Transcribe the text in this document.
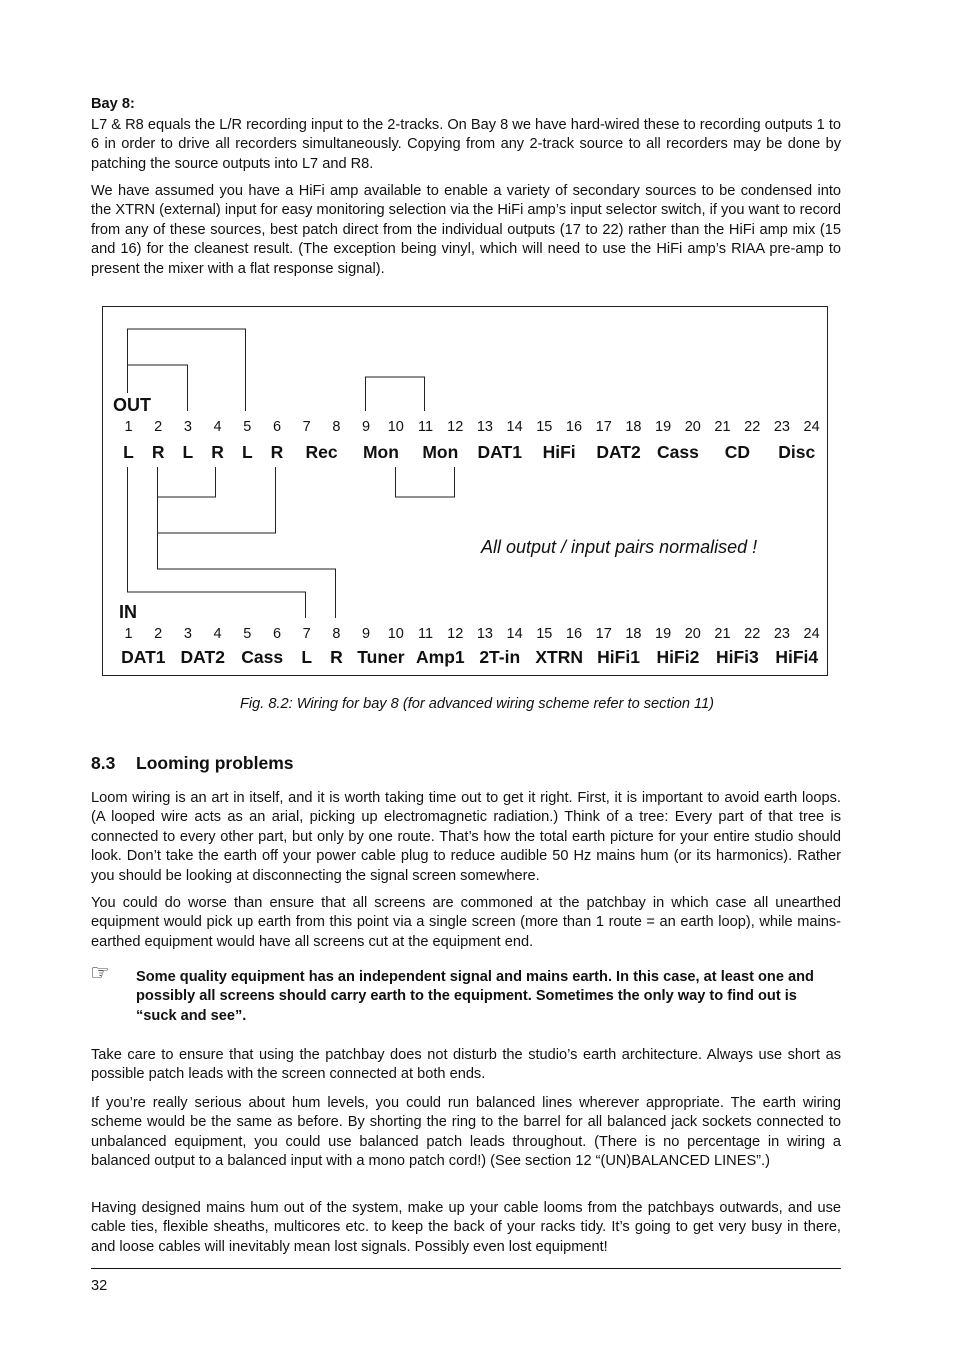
Bay 8:

L7 & R8 equals the L/R recording input to the 2-tracks. On Bay 8 we have hard-wired these to recording outputs 1 to 6 in order to drive all recorders simultaneously. Copying from any 2-track source to all recorders may be done by patching the source outputs into L7 and R8.

We have assumed you have a HiFi amp available to enable a variety of secondary sources to be condensed into the XTRN (external) input for easy monitoring selection via the HiFi amp’s input selector switch, if you want to record from any of these sources, best patch direct from the individual outputs (17 to 22) rather than the HiFi amp mix (15 and 16) for the cleanest result. (The exception being vinyl, which will need to use the HiFi amp’s RIAA pre-amp to present the mixer with a flat response signal).

OUT
IN
1 2 3 4 5 6 7 8 9 10 11 12 13 14 15 16 17 18 19 20 21 22 23 24
L R L R L R Rec Mon Mon DAT1 HiFi DAT2 Cass CD Disc
1 2 3 4 5 6 7 8 9 10 11 12 13 14 15 16 17 18 19 20 21 22 23 24
DAT1 DAT2 Cass L R Tuner Amp1 2T-in XTRN HiFi1 HiFi2 HiFi3 HiFi4
All output / input pairs normalised !
Fig. 8.2: Wiring for bay 8 (for advanced wiring scheme refer to section 11)
8.3 Looming problems

Loom wiring is an art in itself, and it is worth taking time out to get it right. First, it is important to avoid earth loops. (A looped wire acts as an arial, picking up electromagnetic radiation.) Think of a tree: Every part of that tree is connected to every other part, but only by one route. That’s how the total earth picture for your entire studio should look. Don’t take the earth off your power cable plug to reduce audible 50 Hz mains hum (or its harmonics). Rather you should be looking at disconnecting the signal screen somewhere.

You could do worse than ensure that all screens are commoned at the patchbay in which case all unearthed equipment would pick up earth from this point via a single screen (more than 1 route = an earth loop), while mains-earthed equipment would have all screens cut at the equipment end.

☞ Some quality equipment has an independent signal and mains earth. In this case, at least one and possibly all screens should carry earth to the equipment. Sometimes the only way to find out is “suck and see”.

Take care to ensure that using the patchbay does not disturb the studio’s earth architecture. Always use short as possible patch leads with the screen connected at both ends.

If you’re really serious about hum levels, you could run balanced lines wherever appropriate. The earth wiring scheme would be the same as before. By shorting the ring to the barrel for all balanced jack sockets connected to unbalanced equipment, you could use balanced patch leads throughout. (There is no percentage in wiring a balanced output to a balanced input with a mono patch cord!) (See section 12 “(UN)BALANCED LINES”.)

Having designed mains hum out of the system, make up your cable looms from the patchbays outwards, and use cable ties, flexible sheaths, multicores etc. to keep the back of your racks tidy. It’s going to get very busy in there, and loose cables will inevitably mean lost signals. Possibly even lost equipment!

32
